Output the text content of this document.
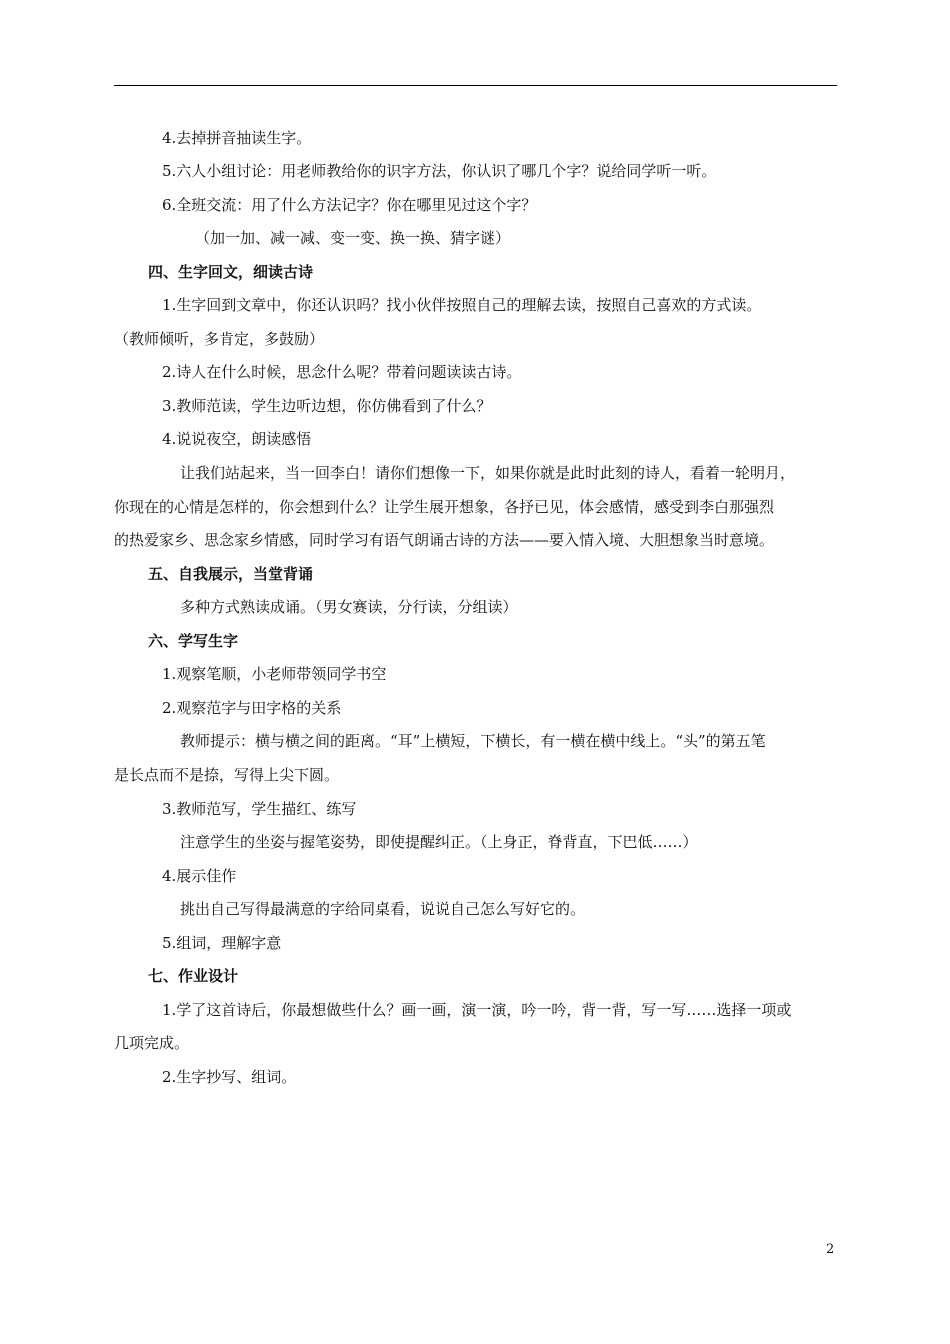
4.去掉拼音抽读生字。
5.六人小组讨论：用老师教给你的识字方法，你认识了哪几个字？说给同学听一听。
6.全班交流：用了什么方法记字？你在哪里见过这个字？
（加一加、减一减、变一变、换一换、猜字谜）
四、生字回文，细读古诗
1.生字回到文章中，你还认识吗？找小伙伴按照自己的理解去读，按照自己喜欢的方式读。
（教师倾听，多肯定，多鼓励）
2.诗人在什么时候，思念什么呢？带着问题读读古诗。
3.教师范读，学生边听边想，你仿佛看到了什么？
4.说说夜空，朗读感悟
让我们站起来，当一回李白！请你们想像一下，如果你就是此时此刻的诗人，看着一轮明月，
你现在的心情是怎样的，你会想到什么？让学生展开想象，各抒已见，体会感情，感受到李白那强烈
的热爱家乡、思念家乡情感，同时学习有语气朗诵古诗的方法——要入情入境、大胆想象当时意境。
五、自我展示，当堂背诵
多种方式熟读成诵。（男女赛读，分行读，分组读）
六、学写生字
1.观察笔顺，小老师带领同学书空
2.观察范字与田字格的关系
教师提示：横与横之间的距离。“耳”上横短，下横长，有一横在横中线上。“头”的第五笔
是长点而不是捺，写得上尖下圆。
3.教师范写，学生描红、练写
注意学生的坐姿与握笔姿势，即使提醒纠正。（上身正，脊背直，下巴低……）
4.展示佳作
挑出自己写得最满意的字给同桌看，说说自己怎么写好它的。
5.组词，理解字意
七、作业设计
1.学了这首诗后，你最想做些什么？画一画，演一演，吟一吟，背一背，写一写……选择一项或
几项完成。
2.生字抄写、组词。
2
